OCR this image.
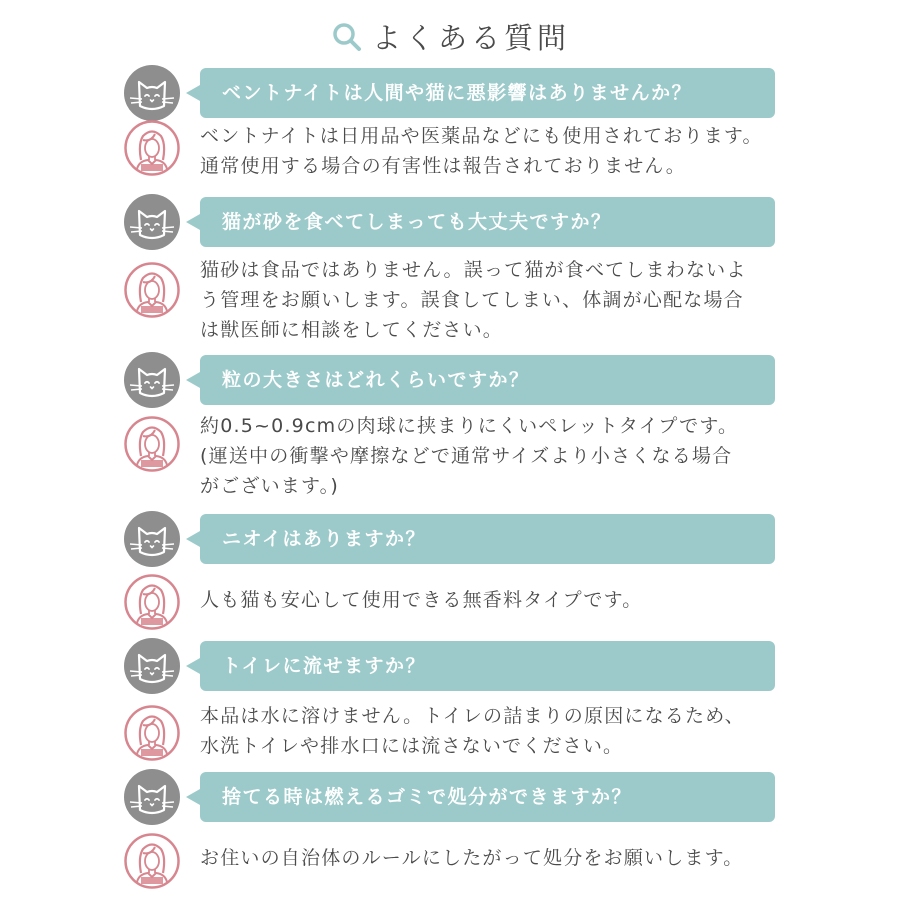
よくある質問
ベントナイトは人間や猫に悪影響はありませんか？
ベントナイトは日用品や医薬品などにも使用されております。
通常使用する場合の有害性は報告されておりません。
猫が砂を食べてしまっても大丈夫ですか？
猫砂は食品ではありません。誤って猫が食べてしまわないよ
う管理をお願いします。誤食してしまい、体調が心配な場合
は獣医師に相談をしてください。
粒の大きさはどれくらいですか？
約0.5~0.9cmの肉球に挟まりにくいペレットタイプです。
(運送中の衝撃や摩擦などで通常サイズより小さくなる場合
がございます。)
ニオイはありますか？
人も猫も安心して使用できる無香料タイプです。
トイレに流せますか？
本品は水に溶けません。トイレの詰まりの原因になるため、
水洗トイレや排水口には流さないでください。
捨てる時は燃えるゴミで処分ができますか？
お住いの自治体のルールにしたがって処分をお願いします。
